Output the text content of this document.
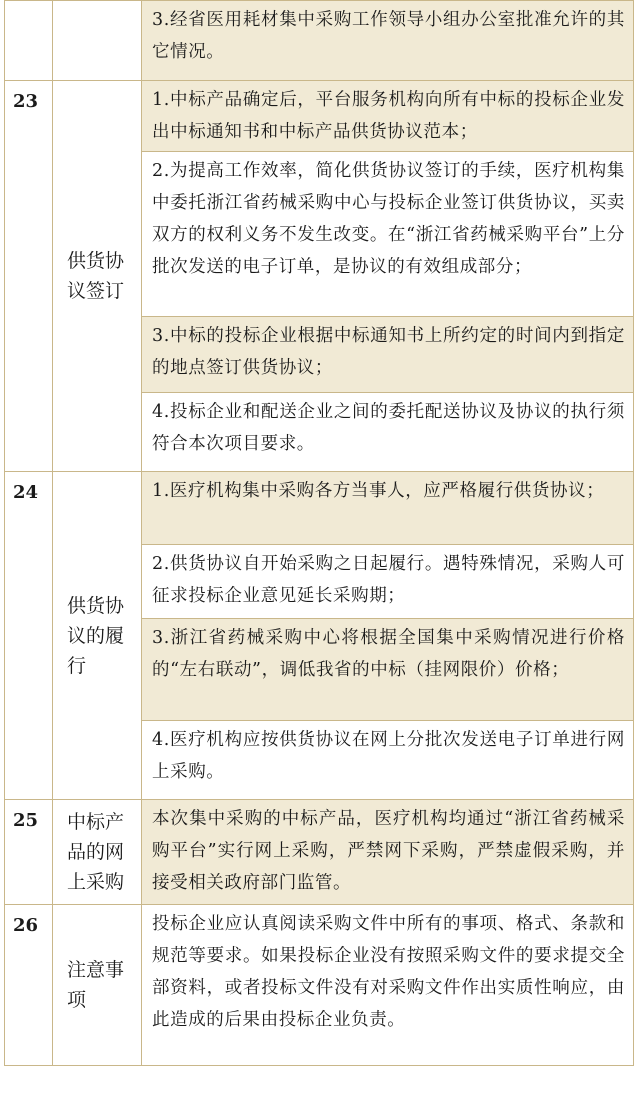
		3.经省医用耗材集中采购工作领导小组办公室批准允许的其它情况。

23	供货协议签订	1.中标产品确定后，平台服务机构向所有中标的投标企业发出中标通知书和中标产品供货协议范本；
2.为提高工作效率，简化供货协议签订的手续，医疗机构集中委托浙江省药械采购中心与投标企业签订供货协议，买卖双方的权利义务不发生改变。在“浙江省药械采购平台”上分批次发送的电子订单，是协议的有效组成部分；
3.中标的投标企业根据中标通知书上所约定的时间内到指定的地点签订供货协议；
4.投标企业和配送企业之间的委托配送协议及协议的执行须符合本次项目要求。

24	供货协议的履行	1.医疗机构集中采购各方当事人，应严格履行供货协议；
2.供货协议自开始采购之日起履行。遇特殊情况，采购人可征求投标企业意见延长采购期；
3.浙江省药械采购中心将根据全国集中采购情况进行价格的“左右联动”，调低我省的中标（挂网限价）价格；
4.医疗机构应按供货协议在网上分批次发送电子订单进行网上采购。

25	中标产品的网上采购	本次集中采购的中标产品，医疗机构均通过“浙江省药械采购平台”实行网上采购，严禁网下采购，严禁虚假采购，并接受相关政府部门监管。

26	注意事项	投标企业应认真阅读采购文件中所有的事项、格式、条款和规范等要求。如果投标企业没有按照采购文件的要求提交全部资料，或者投标文件没有对采购文件作出实质性响应，由此造成的后果由投标企业负责。
